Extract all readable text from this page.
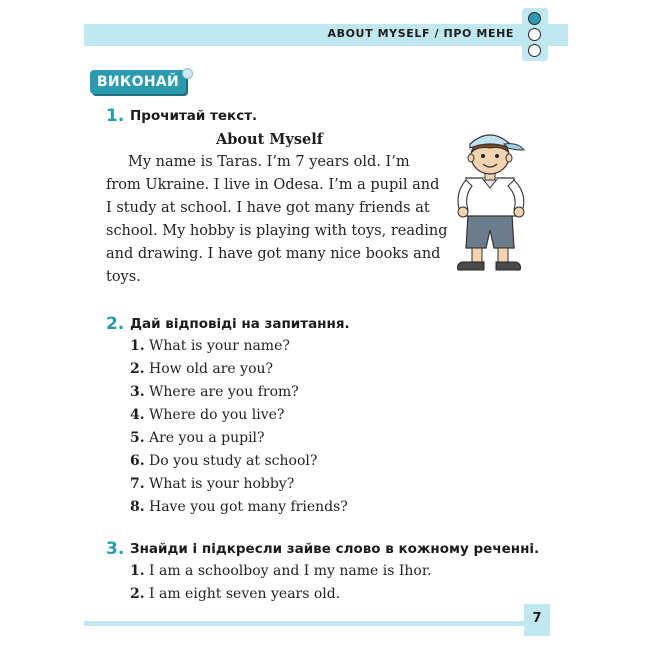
ABOUT MYSELF / ПРО МЕНЕ
ВИКОНАЙ
1. Прочитай текст.
About Myself
My name is Taras. I’m 7 years old. I’m
from Ukraine. I live in Odesa. I’m a pupil and
I study at school. I have got many friends at
school. My hobby is playing with toys, reading
and drawing. I have got many nice books and
toys.
2. Дай відповіді на запитання.
1. What is your name?
2. How old are you?
3. Where are you from?
4. Where do you live?
5. Are you a pupil?
6. Do you study at school?
7. What is your hobby?
8. Have you got many friends?
3. Знайди і підкресли зайве слово в кожному реченні.
1. I am a schoolboy and I my name is Ihor.
2. I am eight seven years old.
7
